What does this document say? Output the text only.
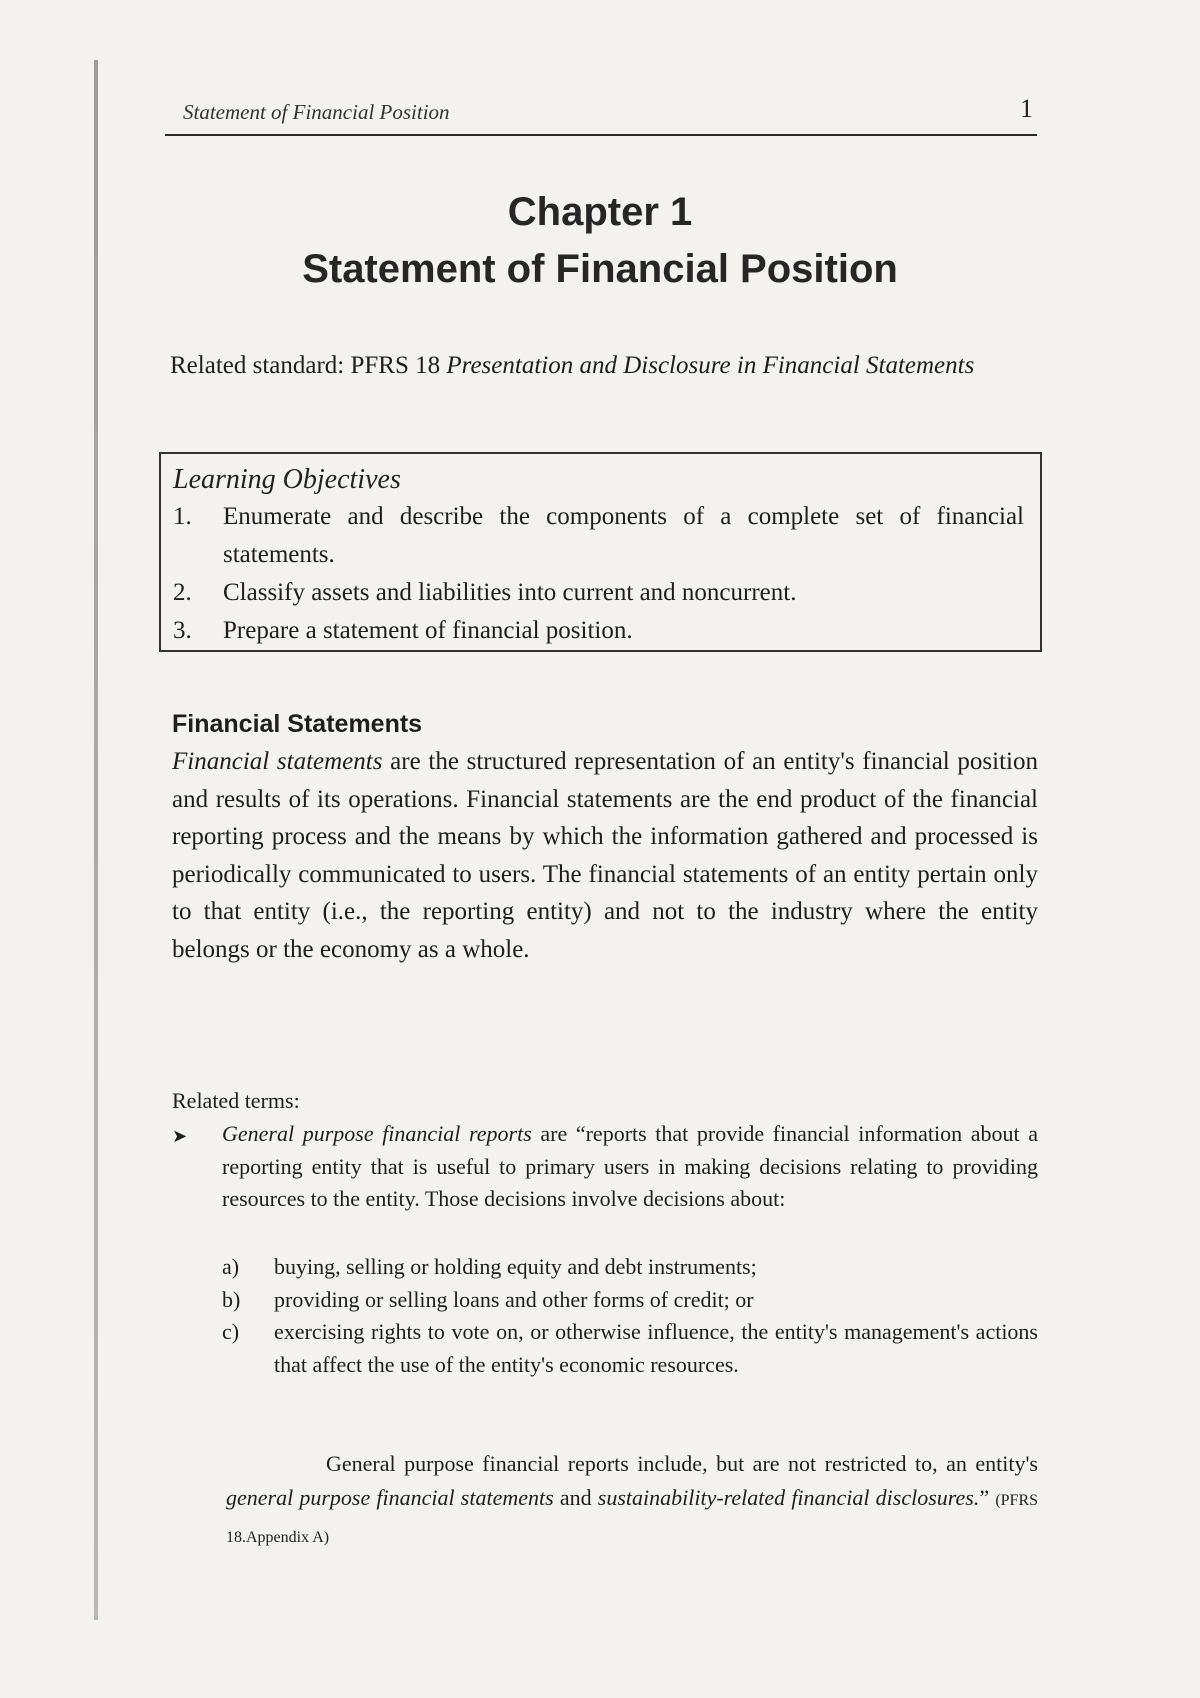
Statement of Financial Position	1
Chapter 1
Statement of Financial Position
Related standard: PFRS 18 Presentation and Disclosure in Financial Statements
Learning Objectives
1.	Enumerate and describe the components of a complete set of financial statements.
2.	Classify assets and liabilities into current and noncurrent.
3.	Prepare a statement of financial position.
Financial Statements
Financial statements are the structured representation of an entity's financial position and results of its operations. Financial statements are the end product of the financial reporting process and the means by which the information gathered and processed is periodically communicated to users. The financial statements of an entity pertain only to that entity (i.e., the reporting entity) and not to the industry where the entity belongs or the economy as a whole.
Related terms:
➤	General purpose financial reports are “reports that provide financial information about a reporting entity that is useful to primary users in making decisions relating to providing resources to the entity. Those decisions involve decisions about:
a)	buying, selling or holding equity and debt instruments;
b)	providing or selling loans and other forms of credit; or
c)	exercising rights to vote on, or otherwise influence, the entity's management's actions that affect the use of the entity's economic resources.
General purpose financial reports include, but are not restricted to, an entity's general purpose financial statements and sustainability-related financial disclosures.” (PFRS 18.Appendix A)
